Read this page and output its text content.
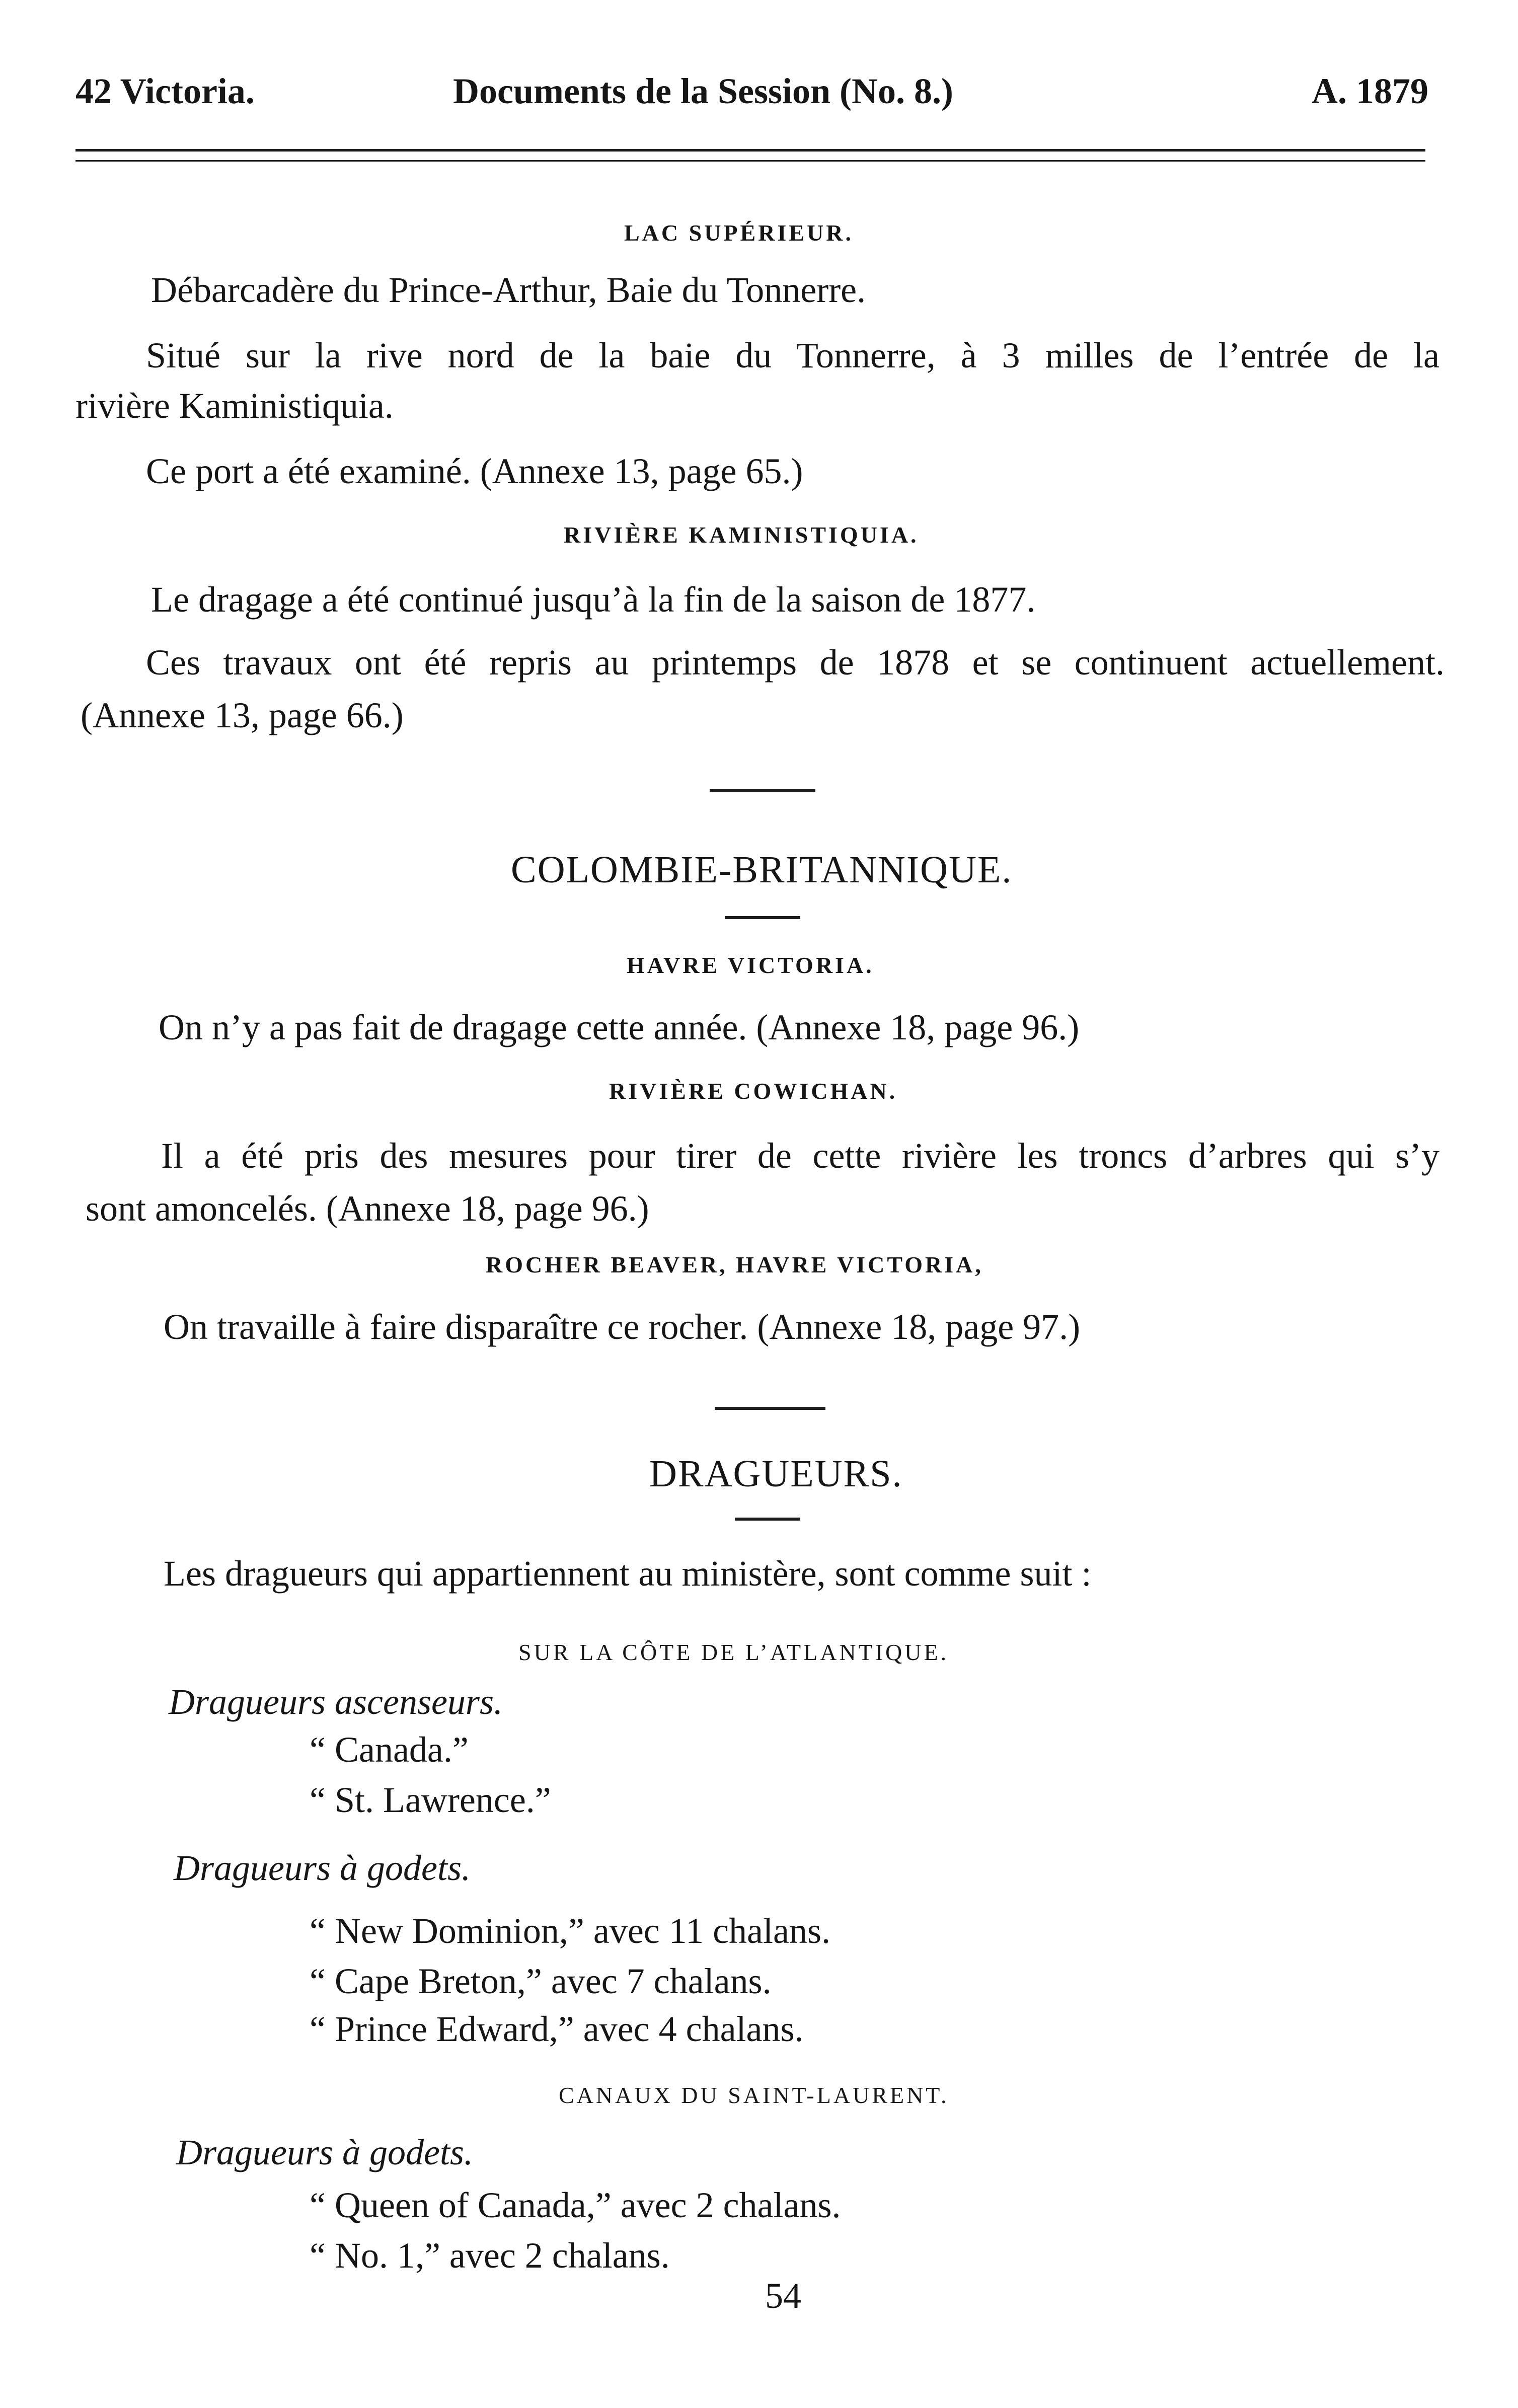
42 Victoria.	Documents de la Session (No. 8.)	A. 1879
LAC SUPÉRIEUR.
Débarcadère du Prince-Arthur, Baie du Tonnerre.
Situé sur la rive nord de la baie du Tonnerre, à 3 milles de l’entrée de la
rivière Kaministiquia.
Ce port a été examiné. (Annexe 13, page 65.)
RIVIÈRE KAMINISTIQUIA.
Le dragage a été continué jusqu’à la fin de la saison de 1877.
Ces travaux ont été repris au printemps de 1878 et se continuent actuellement.
(Annexe 13, page 66.)
COLOMBIE-BRITANNIQUE.
HAVRE VICTORIA.
On n’y a pas fait de dragage cette année. (Annexe 18, page 96.)
RIVIÈRE COWICHAN.
Il a été pris des mesures pour tirer de cette rivière les troncs d’arbres qui s’y
sont amoncelés. (Annexe 18, page 96.)
ROCHER BEAVER, HAVRE VICTORIA,
On travaille à faire disparaître ce rocher. (Annexe 18, page 97.)
DRAGUEURS.
Les dragueurs qui appartiennent au ministère, sont comme suit :
SUR LA CÔTE DE L’ATLANTIQUE.
Dragueurs ascenseurs.
“ Canada.”
“ St. Lawrence.”
Dragueurs à godets.
“ New Dominion,” avec 11 chalans.
“ Cape Breton,” avec 7 chalans.
“ Prince Edward,” avec 4 chalans.
CANAUX DU SAINT-LAURENT.
Dragueurs à godets.
“ Queen of Canada,” avec 2 chalans.
“ No. 1,” avec 2 chalans.
54
